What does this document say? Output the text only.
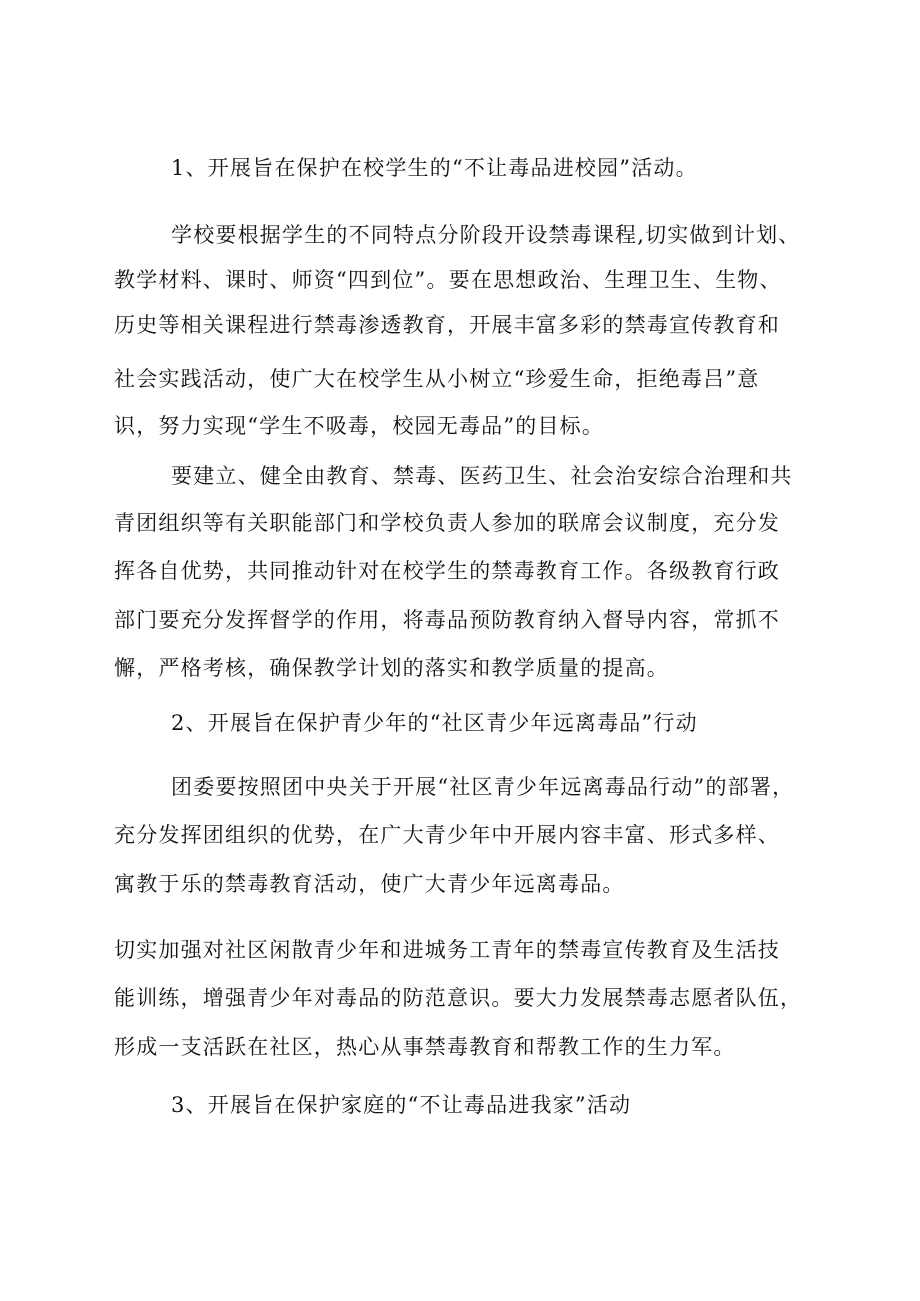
1、开展旨在保护在校学生的“不让毒品进校园”活动。
学校要根据学生的不同特点分阶段开设禁毒课程,切实做到计划、
教学材料、课时、师资“四到位”。要在思想政治、生理卫生、生物、
历史等相关课程进行禁毒渗透教育，开展丰富多彩的禁毒宣传教育和
社会实践活动，使广大在校学生从小树立“珍爱生命，拒绝毒吕”意
识，努力实现“学生不吸毒，校园无毒品”的目标。
要建立、健全由教育、禁毒、医药卫生、社会治安综合治理和共
青团组织等有关职能部门和学校负责人参加的联席会议制度，充分发
挥各自优势，共同推动针对在校学生的禁毒教育工作。各级教育行政
部门要充分发挥督学的作用，将毒品预防教育纳入督导内容，常抓不
懈，严格考核，确保教学计划的落实和教学质量的提高。
2、开展旨在保护青少年的“社区青少年远离毒品”行动
团委要按照团中央关于开展“社区青少年远离毒品行动”的部署，
充分发挥团组织的优势，在广大青少年中开展内容丰富、形式多样、
寓教于乐的禁毒教育活动，使广大青少年远离毒品。
切实加强对社区闲散青少年和进城务工青年的禁毒宣传教育及生活技
能训练，增强青少年对毒品的防范意识。要大力发展禁毒志愿者队伍，
形成一支活跃在社区，热心从事禁毒教育和帮教工作的生力军。
3、开展旨在保护家庭的“不让毒品进我家”活动
